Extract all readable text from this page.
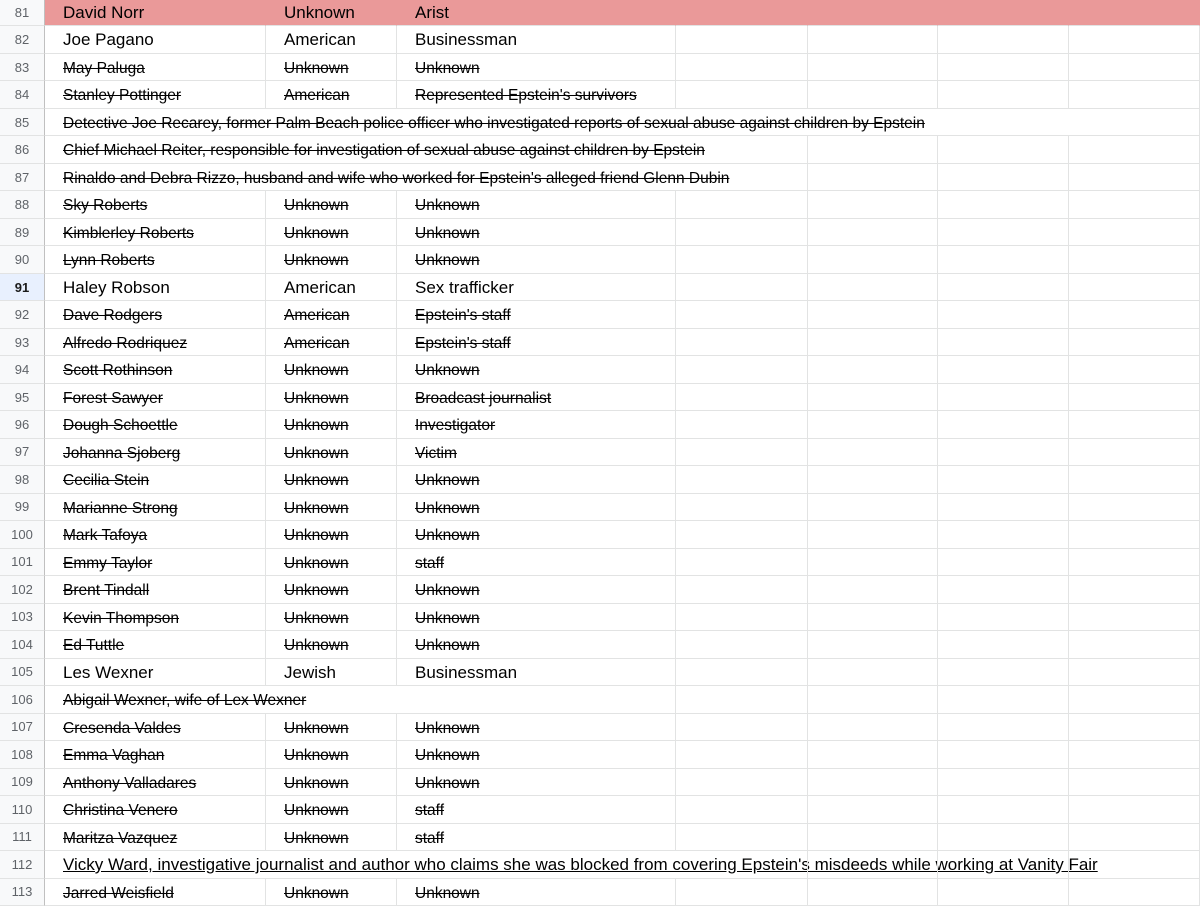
81	David Norr	Unknown	Arist
82	Joe Pagano	American	Businessman
83	May Paluga	Unknown	Unknown
84	Stanley Pottinger	American	Represented Epstein's survivors
85	Detective Joe Recarey, former Palm Beach police officer who investigated reports of sexual abuse against children by Epstein
86	Chief Michael Reiter, responsible for investigation of sexual abuse against children by Epstein
87	Rinaldo and Debra Rizzo, husband and wife who worked for Epstein's alleged friend Glenn Dubin
88	Sky Roberts	Unknown	Unknown
89	Kimblerley Roberts	Unknown	Unknown
90	Lynn Roberts	Unknown	Unknown
91	Haley Robson	American	Sex trafficker
92	Dave Rodgers	American	Epstein's staff
93	Alfredo Rodriquez	American	Epstein's staff
94	Scott Rothinson	Unknown	Unknown
95	Forest Sawyer	Unknown	Broadcast journalist
96	Dough Schoettle	Unknown	Investigator
97	Johanna Sjoberg	Unknown	Victim
98	Cecilia Stein	Unknown	Unknown
99	Marianne Strong	Unknown	Unknown
100	Mark Tafoya	Unknown	Unknown
101	Emmy Taylor	Unknown	staff
102	Brent Tindall	Unknown	Unknown
103	Kevin Thompson	Unknown	Unknown
104	Ed Tuttle	Unknown	Unknown
105	Les Wexner	Jewish	Businessman
106	Abigail Wexner, wife of Lex Wexner
107	Cresenda Valdes	Unknown	Unknown
108	Emma Vaghan	Unknown	Unknown
109	Anthony Valladares	Unknown	Unknown
110	Christina Venero	Unknown	staff
111	Maritza Vazquez	Unknown	staff
112	Vicky Ward, investigative journalist and author who claims she was blocked from covering Epstein's misdeeds while working at Vanity Fair
113	Jarred Weisfield	Unknown	Unknown
